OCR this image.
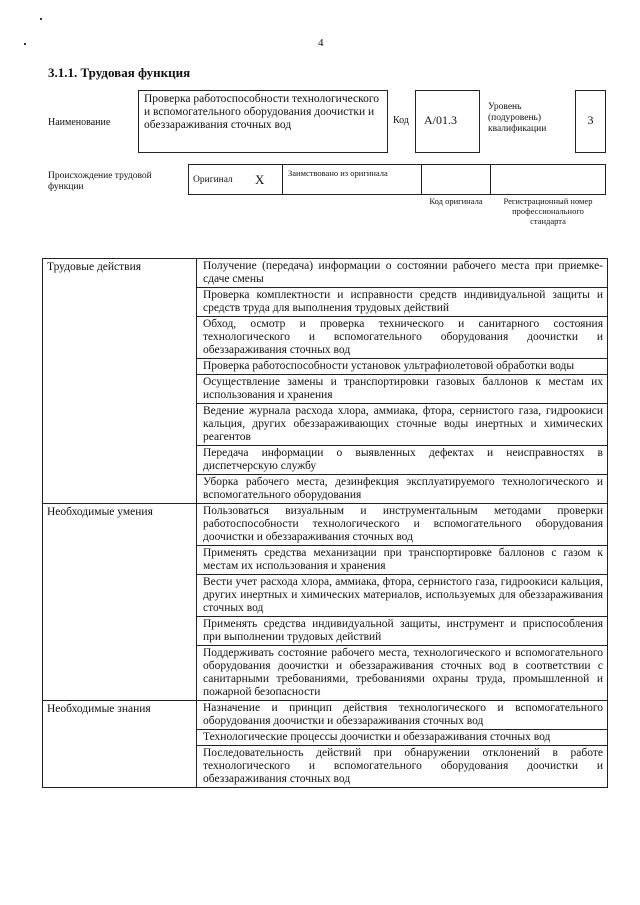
4
3.1.1. Трудовая функция
Наименование
Проверка работоспособности технологического и вспомогательного оборудования доочистки и обеззараживания сточных вод	Код	А/01.3
Уровень (подуровень) квалификации
3
Происхождение трудовой функции
Оригинал X	Заимствовано из оригинала
Код оригинала	Регистрационный номер профессионального стандарта
Трудовые действия	Получение (передача) информации о состоянии рабочего места при приемке-сдаче смены
	Проверка комплектности и исправности средств индивидуальной защиты и средств труда для выполнения трудовых действий
	Обход, осмотр и проверка технического и санитарного состояния технологического и вспомогательного оборудования доочистки и обеззараживания сточных вод
	Проверка работоспособности установок ультрафиолетовой обработки воды
	Осуществление замены и транспортировки газовых баллонов к местам их использования и хранения
	Ведение журнала расхода хлора, аммиака, фтора, сернистого газа, гидроокиси кальция, других обеззараживающих сточные воды инертных и химических реагентов
	Передача информации о выявленных дефектах и неисправностях в диспетчерскую службу
	Уборка рабочего места, дезинфекция эксплуатируемого технологического и вспомогательного оборудования
Необходимые умения	Пользоваться визуальным и инструментальным методами проверки работоспособности технологического и вспомогательного оборудования доочистки и обеззараживания сточных вод
	Применять средства механизации при транспортировке баллонов с газом к местам их использования и хранения
	Вести учет расхода хлора, аммиака, фтора, сернистого газа, гидроокиси кальция, других инертных и химических материалов, используемых для обеззараживания сточных вод
	Применять средства индивидуальной защиты, инструмент и приспособления при выполнении трудовых действий
	Поддерживать состояние рабочего места, технологического и вспомогательного оборудования доочистки и обеззараживания сточных вод в соответствии с санитарными требованиями, требованиями охраны труда, промышленной и пожарной безопасности
Необходимые знания	Назначение и принцип действия технологического и вспомогательного оборудования доочистки и обеззараживания сточных вод
	Технологические процессы доочистки и обеззараживания сточных вод
	Последовательность действий при обнаружении отклонений в работе технологического и вспомогательного оборудования доочистки и обеззараживания сточных вод
